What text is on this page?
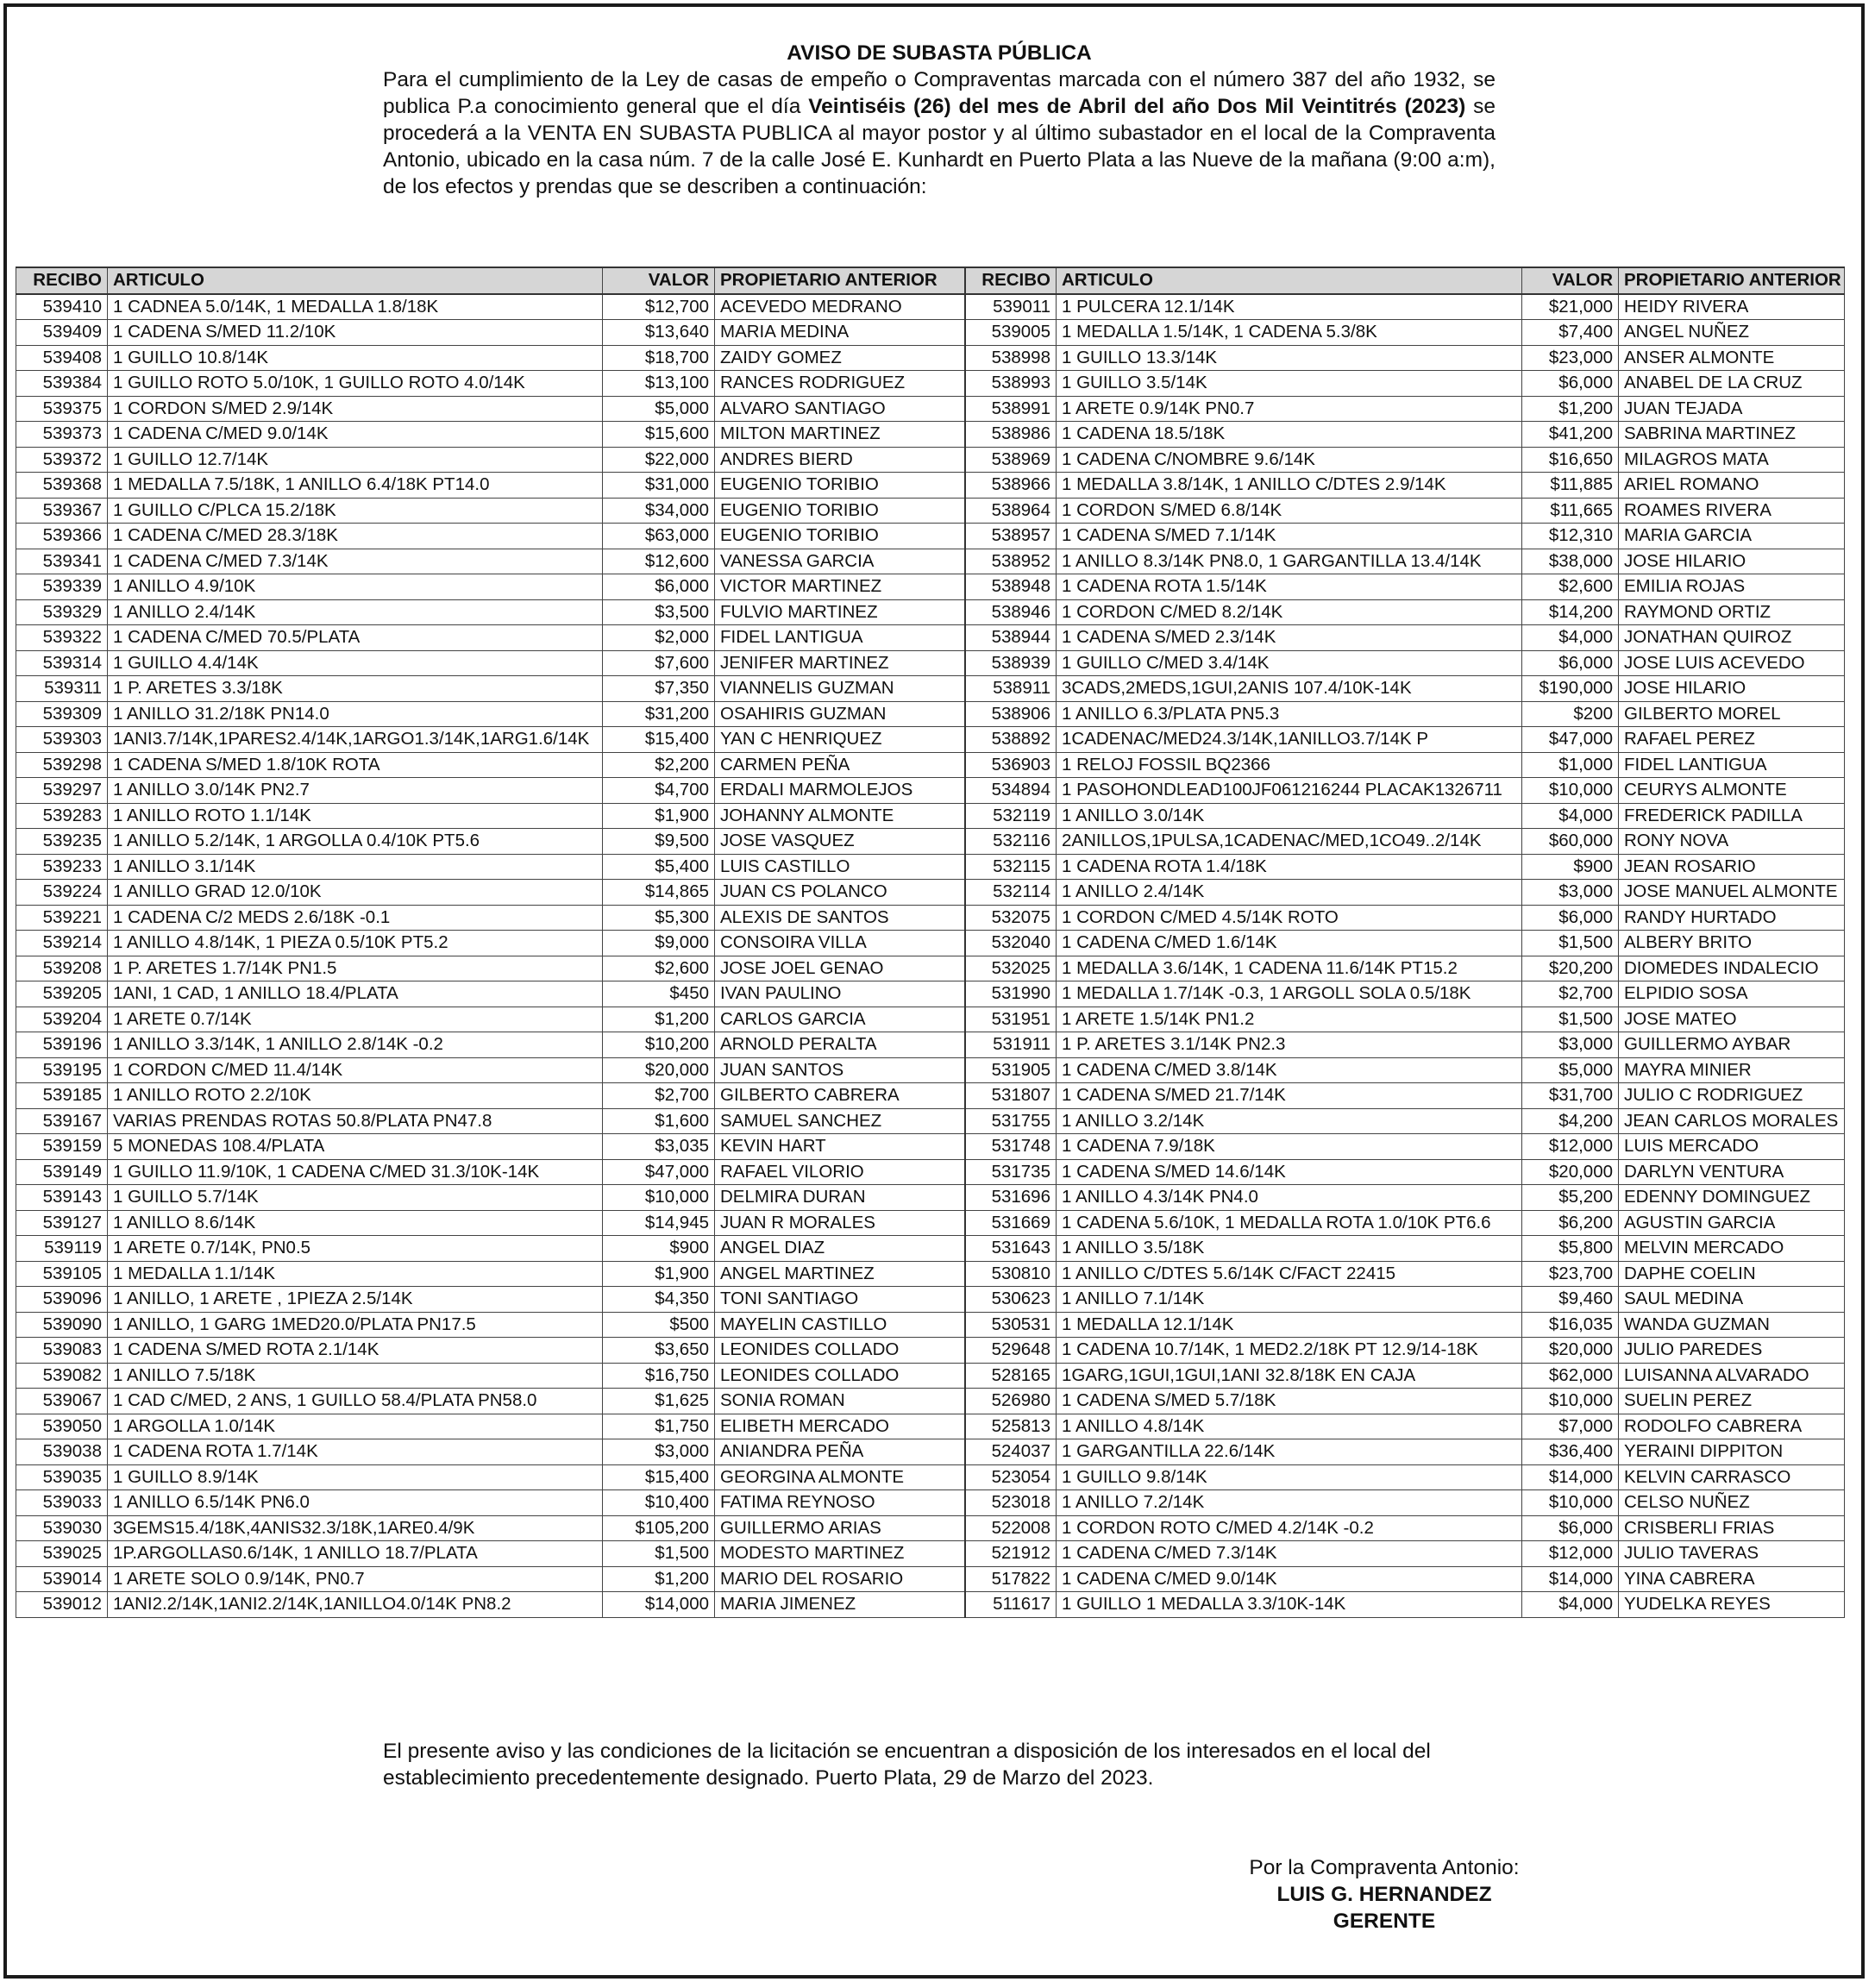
AVISO DE SUBASTA PÚBLICA
Para el cumplimiento de la Ley de casas de empeño o Compraventas marcada con el número 387 del año 1932, se publica P.a conocimiento general que el día Veintiséis (26) del mes de Abril del año Dos Mil Veintitrés (2023) se procederá a la VENTA EN SUBASTA PUBLICA al mayor postor y al último subastador en el local de la Compraventa Antonio, ubicado en la casa núm. 7 de la calle José E. Kunhardt en Puerto Plata a las Nueve de la mañana (9:00 a:m), de los efectos y prendas que se describen a continuación:
RECIBO	ARTICULO	VALOR	PROPIETARIO ANTERIOR	RECIBO	ARTICULO	VALOR	PROPIETARIO ANTERIOR
539410	1 CADNEA 5.0/14K, 1 MEDALLA 1.8/18K	$12,700	ACEVEDO MEDRANO	539011	1 PULCERA 12.1/14K	$21,000	HEIDY RIVERA
539409	1 CADENA S/MED 11.2/10K	$13,640	MARIA MEDINA	539005	1 MEDALLA 1.5/14K, 1 CADENA 5.3/8K	$7,400	ANGEL NUÑEZ
539408	1 GUILLO 10.8/14K	$18,700	ZAIDY GOMEZ	538998	1 GUILLO 13.3/14K	$23,000	ANSER ALMONTE
539384	1 GUILLO ROTO 5.0/10K, 1 GUILLO ROTO 4.0/14K	$13,100	RANCES RODRIGUEZ	538993	1 GUILLO 3.5/14K	$6,000	ANABEL DE LA CRUZ
539375	1 CORDON S/MED 2.9/14K	$5,000	ALVARO SANTIAGO	538991	1 ARETE 0.9/14K PN0.7	$1,200	JUAN TEJADA
539373	1 CADENA C/MED 9.0/14K	$15,600	MILTON MARTINEZ	538986	1 CADENA 18.5/18K	$41,200	SABRINA MARTINEZ
539372	1 GUILLO 12.7/14K	$22,000	ANDRES BIERD	538969	1 CADENA C/NOMBRE 9.6/14K	$16,650	MILAGROS MATA
539368	1 MEDALLA 7.5/18K, 1 ANILLO 6.4/18K PT14.0	$31,000	EUGENIO TORIBIO	538966	1 MEDALLA 3.8/14K, 1 ANILLO C/DTES 2.9/14K	$11,885	ARIEL ROMANO
539367	1 GUILLO C/PLCA 15.2/18K	$34,000	EUGENIO TORIBIO	538964	1 CORDON S/MED 6.8/14K	$11,665	ROAMES RIVERA
539366	1 CADENA C/MED 28.3/18K	$63,000	EUGENIO TORIBIO	538957	1 CADENA S/MED 7.1/14K	$12,310	MARIA GARCIA
539341	1 CADENA C/MED 7.3/14K	$12,600	VANESSA GARCIA	538952	1 ANILLO 8.3/14K PN8.0, 1 GARGANTILLA 13.4/14K	$38,000	JOSE HILARIO
539339	1 ANILLO 4.9/10K	$6,000	VICTOR MARTINEZ	538948	1 CADENA ROTA 1.5/14K	$2,600	EMILIA ROJAS
539329	1 ANILLO 2.4/14K	$3,500	FULVIO MARTINEZ	538946	1 CORDON C/MED 8.2/14K	$14,200	RAYMOND ORTIZ
539322	1 CADENA C/MED 70.5/PLATA	$2,000	FIDEL LANTIGUA	538944	1 CADENA S/MED 2.3/14K	$4,000	JONATHAN QUIROZ
539314	1 GUILLO 4.4/14K	$7,600	JENIFER MARTINEZ	538939	1 GUILLO C/MED 3.4/14K	$6,000	JOSE LUIS ACEVEDO
539311	1 P. ARETES 3.3/18K	$7,350	VIANNELIS GUZMAN	538911	3CADS,2MEDS,1GUI,2ANIS 107.4/10K-14K	$190,000	JOSE HILARIO
539309	1 ANILLO 31.2/18K PN14.0	$31,200	OSAHIRIS GUZMAN	538906	1 ANILLO 6.3/PLATA PN5.3	$200	GILBERTO MOREL
539303	1ANI3.7/14K,1PARES2.4/14K,1ARGO1.3/14K,1ARG1.6/14K	$15,400	YAN C HENRIQUEZ	538892	1CADENAC/MED24.3/14K,1ANILLO3.7/14K P	$47,000	RAFAEL PEREZ
539298	1 CADENA S/MED 1.8/10K ROTA	$2,200	CARMEN PEÑA	536903	1 RELOJ FOSSIL BQ2366	$1,000	FIDEL LANTIGUA
539297	1 ANILLO 3.0/14K PN2.7	$4,700	ERDALI MARMOLEJOS	534894	1 PASOHONDLEAD100JF061216244 PLACAK1326711	$10,000	CEURYS ALMONTE
539283	1 ANILLO ROTO 1.1/14K	$1,900	JOHANNY ALMONTE	532119	1 ANILLO 3.0/14K	$4,000	FREDERICK PADILLA
539235	1 ANILLO 5.2/14K, 1 ARGOLLA 0.4/10K PT5.6	$9,500	JOSE VASQUEZ	532116	2ANILLOS,1PULSA,1CADENAC/MED,1CO49..2/14K	$60,000	RONY NOVA
539233	1 ANILLO 3.1/14K	$5,400	LUIS CASTILLO	532115	1 CADENA ROTA 1.4/18K	$900	JEAN ROSARIO
539224	1 ANILLO GRAD 12.0/10K	$14,865	JUAN CS POLANCO	532114	1 ANILLO 2.4/14K	$3,000	JOSE MANUEL ALMONTE
539221	1 CADENA C/2 MEDS 2.6/18K -0.1	$5,300	ALEXIS DE SANTOS	532075	1 CORDON C/MED 4.5/14K ROTO	$6,000	RANDY HURTADO
539214	1 ANILLO 4.8/14K, 1 PIEZA 0.5/10K PT5.2	$9,000	CONSOIRA VILLA	532040	1 CADENA C/MED 1.6/14K	$1,500	ALBERY BRITO
539208	1 P. ARETES 1.7/14K PN1.5	$2,600	JOSE JOEL GENAO	532025	1 MEDALLA 3.6/14K, 1 CADENA 11.6/14K PT15.2	$20,200	DIOMEDES INDALECIO
539205	1ANI, 1 CAD, 1 ANILLO 18.4/PLATA	$450	IVAN PAULINO	531990	1 MEDALLA 1.7/14K -0.3, 1 ARGOLL SOLA 0.5/18K	$2,700	ELPIDIO SOSA
539204	1 ARETE 0.7/14K	$1,200	CARLOS GARCIA	531951	1 ARETE 1.5/14K PN1.2	$1,500	JOSE MATEO
539196	1 ANILLO 3.3/14K, 1 ANILLO 2.8/14K -0.2	$10,200	ARNOLD PERALTA	531911	1 P. ARETES 3.1/14K PN2.3	$3,000	GUILLERMO AYBAR
539195	1 CORDON C/MED 11.4/14K	$20,000	JUAN SANTOS	531905	1 CADENA C/MED 3.8/14K	$5,000	MAYRA MINIER
539185	1 ANILLO ROTO 2.2/10K	$2,700	GILBERTO CABRERA	531807	1 CADENA S/MED 21.7/14K	$31,700	JULIO C RODRIGUEZ
539167	VARIAS PRENDAS ROTAS 50.8/PLATA PN47.8	$1,600	SAMUEL SANCHEZ	531755	1 ANILLO 3.2/14K	$4,200	JEAN CARLOS MORALES
539159	5 MONEDAS 108.4/PLATA	$3,035	KEVIN HART	531748	1 CADENA 7.9/18K	$12,000	LUIS MERCADO
539149	1 GUILLO 11.9/10K, 1 CADENA C/MED 31.3/10K-14K	$47,000	RAFAEL VILORIO	531735	1 CADENA S/MED 14.6/14K	$20,000	DARLYN VENTURA
539143	1 GUILLO 5.7/14K	$10,000	DELMIRA DURAN	531696	1 ANILLO 4.3/14K PN4.0	$5,200	EDENNY DOMINGUEZ
539127	1 ANILLO 8.6/14K	$14,945	JUAN R MORALES	531669	1 CADENA 5.6/10K, 1 MEDALLA ROTA 1.0/10K PT6.6	$6,200	AGUSTIN GARCIA
539119	1 ARETE 0.7/14K, PN0.5	$900	ANGEL DIAZ	531643	1 ANILLO 3.5/18K	$5,800	MELVIN MERCADO
539105	1 MEDALLA 1.1/14K	$1,900	ANGEL MARTINEZ	530810	1 ANILLO C/DTES 5.6/14K C/FACT 22415	$23,700	DAPHE COELIN
539096	1 ANILLO, 1 ARETE , 1PIEZA 2.5/14K	$4,350	TONI SANTIAGO	530623	1 ANILLO 7.1/14K	$9,460	SAUL MEDINA
539090	1 ANILLO, 1 GARG 1MED20.0/PLATA PN17.5	$500	MAYELIN CASTILLO	530531	1 MEDALLA 12.1/14K	$16,035	WANDA GUZMAN
539083	1 CADENA S/MED ROTA 2.1/14K	$3,650	LEONIDES COLLADO	529648	1 CADENA 10.7/14K, 1 MED2.2/18K PT 12.9/14-18K	$20,000	JULIO PAREDES
539082	1 ANILLO 7.5/18K	$16,750	LEONIDES COLLADO	528165	1GARG,1GUI,1GUI,1ANI 32.8/18K EN CAJA	$62,000	LUISANNA ALVARADO
539067	1 CAD C/MED, 2 ANS, 1 GUILLO 58.4/PLATA PN58.0	$1,625	SONIA ROMAN	526980	1 CADENA S/MED 5.7/18K	$10,000	SUELIN PEREZ
539050	1 ARGOLLA 1.0/14K	$1,750	ELIBETH MERCADO	525813	1 ANILLO 4.8/14K	$7,000	RODOLFO CABRERA
539038	1 CADENA ROTA 1.7/14K	$3,000	ANIANDRA PEÑA	524037	1 GARGANTILLA 22.6/14K	$36,400	YERAINI DIPPITON
539035	1 GUILLO 8.9/14K	$15,400	GEORGINA ALMONTE	523054	1 GUILLO 9.8/14K	$14,000	KELVIN CARRASCO
539033	1 ANILLO 6.5/14K PN6.0	$10,400	FATIMA REYNOSO	523018	1 ANILLO 7.2/14K	$10,000	CELSO NUÑEZ
539030	3GEMS15.4/18K,4ANIS32.3/18K,1ARE0.4/9K	$105,200	GUILLERMO ARIAS	522008	1 CORDON ROTO C/MED 4.2/14K -0.2	$6,000	CRISBERLI FRIAS
539025	1P.ARGOLLAS0.6/14K, 1 ANILLO 18.7/PLATA	$1,500	MODESTO MARTINEZ	521912	1 CADENA C/MED 7.3/14K	$12,000	JULIO TAVERAS
539014	1 ARETE SOLO 0.9/14K, PN0.7	$1,200	MARIO DEL ROSARIO	517822	1 CADENA C/MED 9.0/14K	$14,000	YINA CABRERA
539012	1ANI2.2/14K,1ANI2.2/14K,1ANILLO4.0/14K PN8.2	$14,000	MARIA JIMENEZ	511617	1 GUILLO 1 MEDALLA 3.3/10K-14K	$4,000	YUDELKA REYES
El presente aviso y las condiciones de la licitación se encuentran a disposición de los interesados en el local del establecimiento precedentemente designado. Puerto Plata, 29 de Marzo del 2023.
Por la Compraventa Antonio:
LUIS G. HERNANDEZ
GERENTE
